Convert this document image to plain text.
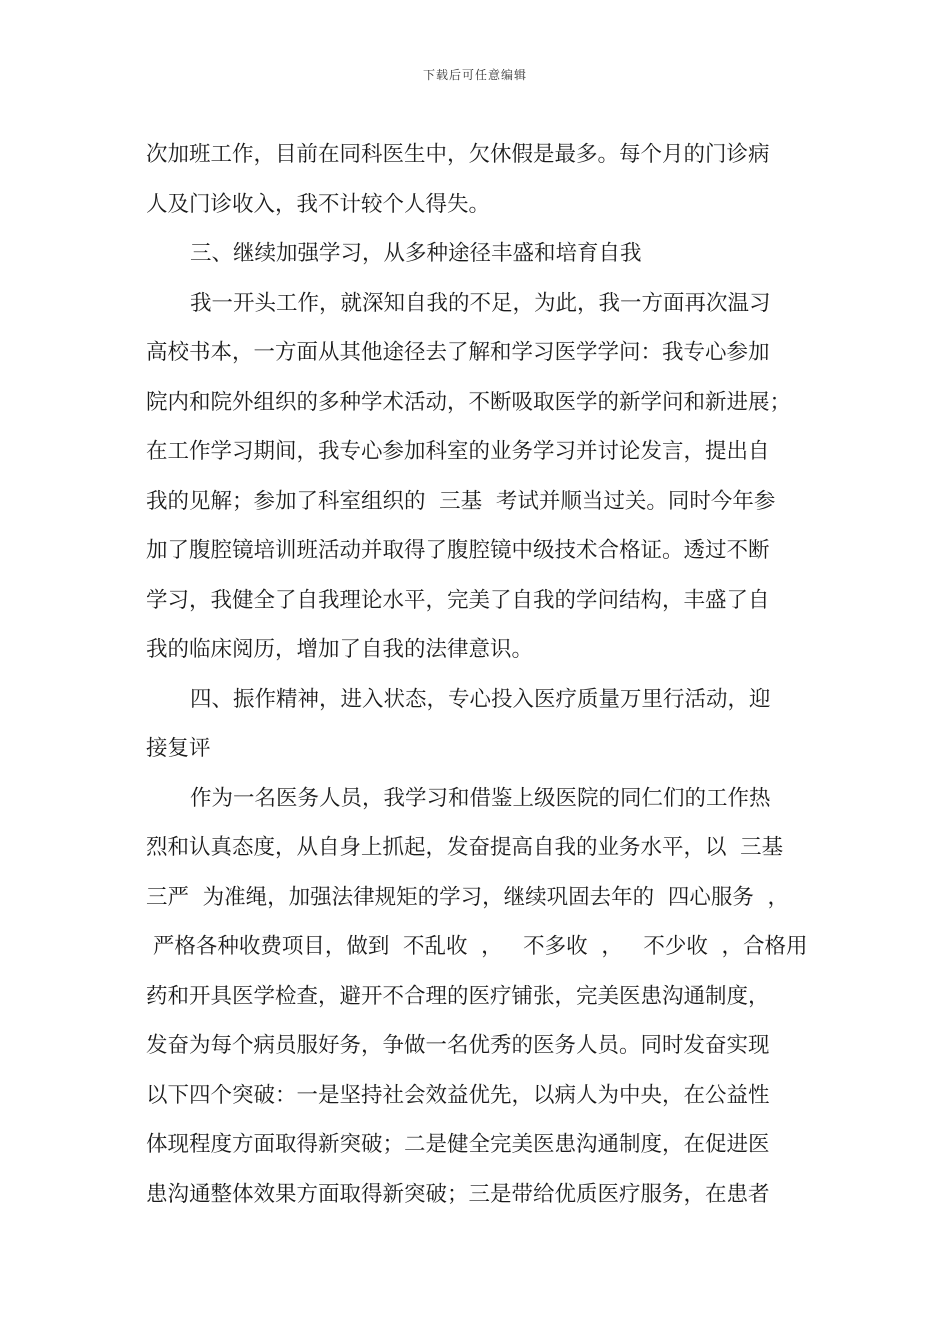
下载后可任意编辑
次加班工作，目前在同科医生中，欠休假是最多。每个月的门诊病
人及门诊收入，我不计较个人得失。
三、继续加强学习，从多种途径丰盛和培育自我
我一开头工作，就深知自我的不足，为此，我一方面再次温习
高校书本，一方面从其他途径去了解和学习医学学问：我专心参加
院内和院外组织的多种学术活动，不断吸取医学的新学问和新进展；
在工作学习期间，我专心参加科室的业务学习并讨论发言，提出自
我的见解；参加了科室组织的  三基  考试并顺当过关。同时今年参
加了腹腔镜培训班活动并取得了腹腔镜中级技术合格证。透过不断
学习，我健全了自我理论水平，完美了自我的学问结构，丰盛了自
我的临床阅历，增加了自我的法律意识。
四、振作精神，进入状态，专心投入医疗质量万里行活动，迎
接复评
作为一名医务人员，我学习和借鉴上级医院的同仁们的工作热
烈和认真态度，从自身上抓起，发奋提高自我的业务水平，以  三基
三严  为准绳，加强法律规矩的学习，继续巩固去年的  四心服务  ，
严格各种收费项目，做到  不乱收  ，   不多收  ，   不少收  ，合格用
药和开具医学检查，避开不合理的医疗铺张，完美医患沟通制度，
发奋为每个病员服好务，争做一名优秀的医务人员。同时发奋实现
以下四个突破：一是坚持社会效益优先，以病人为中央，在公益性
体现程度方面取得新突破；二是健全完美医患沟通制度，在促进医
患沟通整体效果方面取得新突破；三是带给优质医疗服务，在患者
